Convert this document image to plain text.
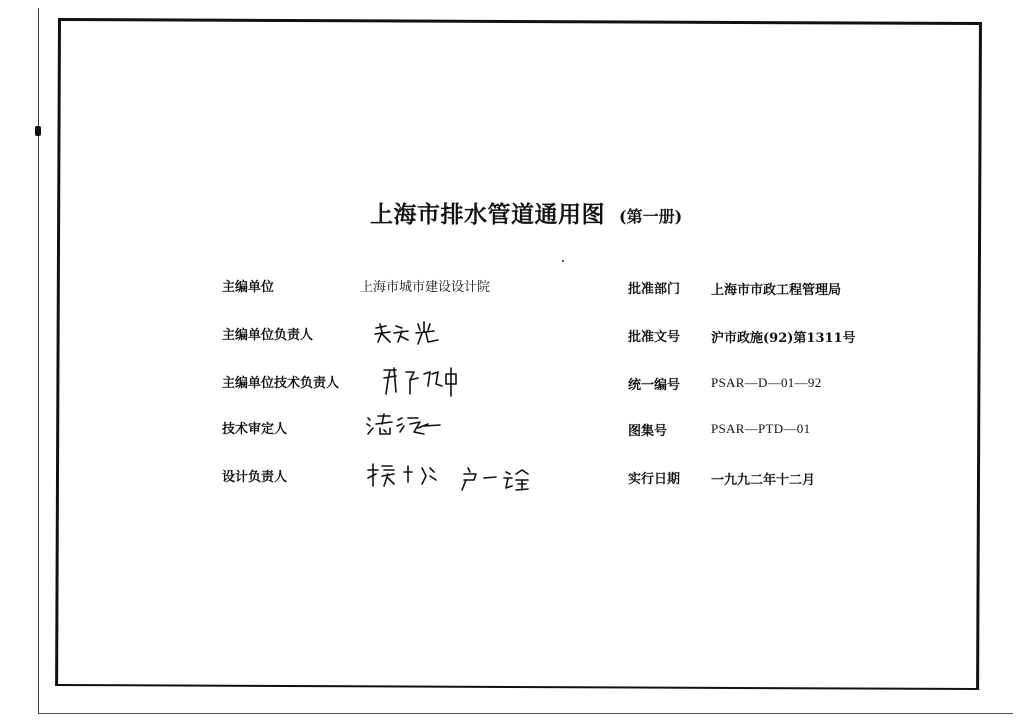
上海市排水管道通用图 (第一册)
主编单位
主编单位负责人
主编单位技术负责人
技术审定人
设计负责人
上海市城市建设设计院	批准部门
批准文号
统一编号
图集号
实行日期
上海市市政工程管理局
沪市政施(92)第1311号
PSAR—D—01—92
PSAR—PTD—01
一九九二年十二月
